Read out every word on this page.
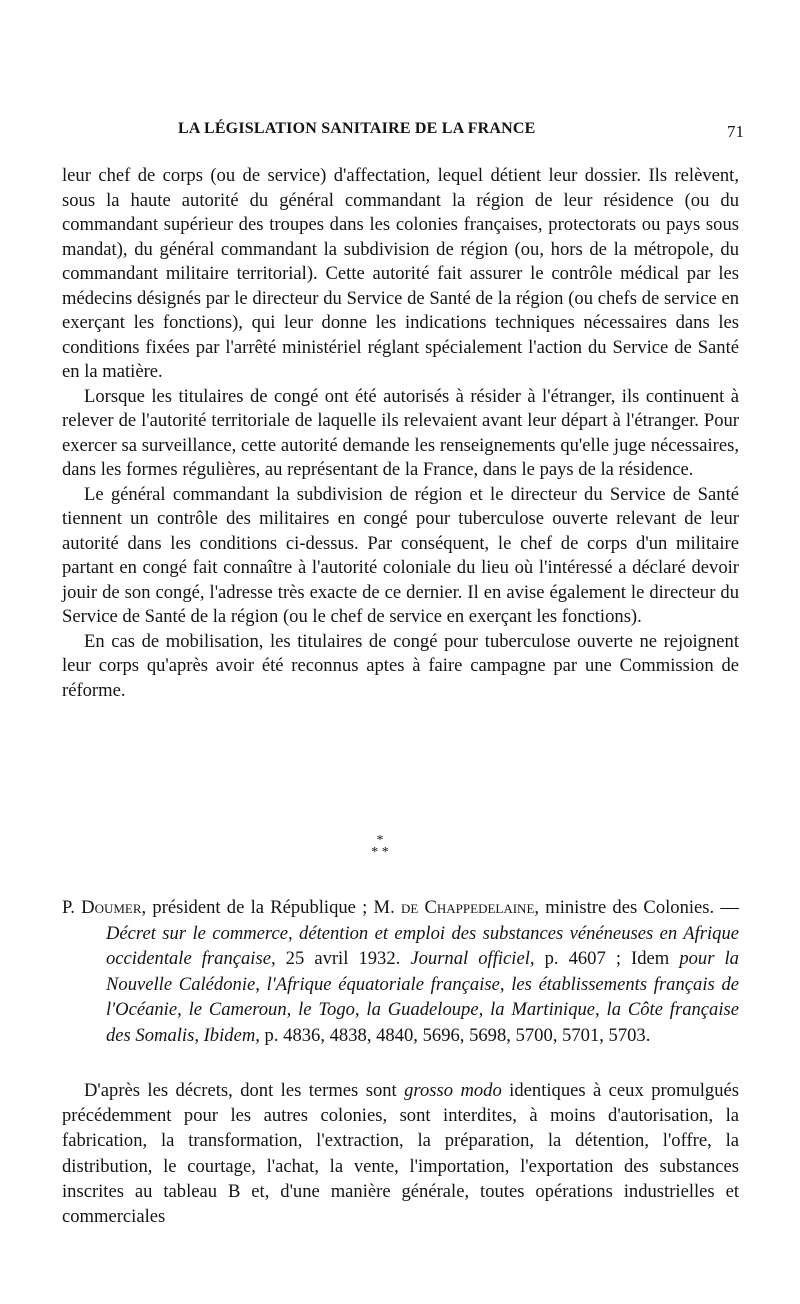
LA LÉGISLATION SANITAIRE DE LA FRANCE	71

leur chef de corps (ou de service) d'affectation, lequel détient leur dossier. Ils relèvent, sous la haute autorité du général commandant la région de leur résidence (ou du commandant supérieur des troupes dans les colonies françaises, protectorats ou pays sous mandat), du général commandant la subdivision de région (ou, hors de la métropole, du commandant militaire territorial). Cette autorité fait assurer le contrôle médical par les médecins désignés par le directeur du Service de Santé de la région (ou chefs de service en exerçant les fonctions), qui leur donne les indications techniques nécessaires dans les conditions fixées par l'arrêté ministériel réglant spécialement l'action du Service de Santé en la matière.

Lorsque les titulaires de congé ont été autorisés à résider à l'étranger, ils continuent à relever de l'autorité territoriale de laquelle ils relevaient avant leur départ à l'étranger. Pour exercer sa surveillance, cette autorité demande les renseignements qu'elle juge nécessaires, dans les formes régulières, au représentant de la France, dans le pays de la résidence.

Le général commandant la subdivision de région et le directeur du Service de Santé tiennent un contrôle des militaires en congé pour tuberculose ouverte relevant de leur autorité dans les conditions ci-dessus. Par conséquent, le chef de corps d'un militaire partant en congé fait connaître à l'autorité coloniale du lieu où l'intéressé a déclaré devoir jouir de son congé, l'adresse très exacte de ce dernier. Il en avise également le directeur du Service de Santé de la région (ou le chef de service en exerçant les fonctions).

En cas de mobilisation, les titulaires de congé pour tuberculose ouverte ne rejoignent leur corps qu'après avoir été reconnus aptes à faire campagne par une Commission de réforme.

*
* *
P. Doumer, président de la République ; M. de Chappedelaine, ministre des Colonies. — Décret sur le commerce, détention et emploi des substances vénéneuses en Afrique occidentale française, 25 avril 1932. Journal officiel, p. 4607 ; Idem pour la Nouvelle Calédonie, l'Afrique équatoriale française, les établissements français de l'Océanie, le Cameroun, le Togo, la Guadeloupe, la Martinique, la Côte française des Somalis, Ibidem, p. 4836, 4838, 4840, 5696, 5698, 5700, 5701, 5703.

D'après les décrets, dont les termes sont grosso modo identiques à ceux promulgués précédemment pour les autres colonies, sont interdites, à moins d'autorisation, la fabrication, la transformation, l'extraction, la préparation, la détention, l'offre, la distribution, le courtage, l'achat, la vente, l'importation, l'exportation des substances inscrites au tableau B et, d'une manière générale, toutes opérations industrielles et commerciales
